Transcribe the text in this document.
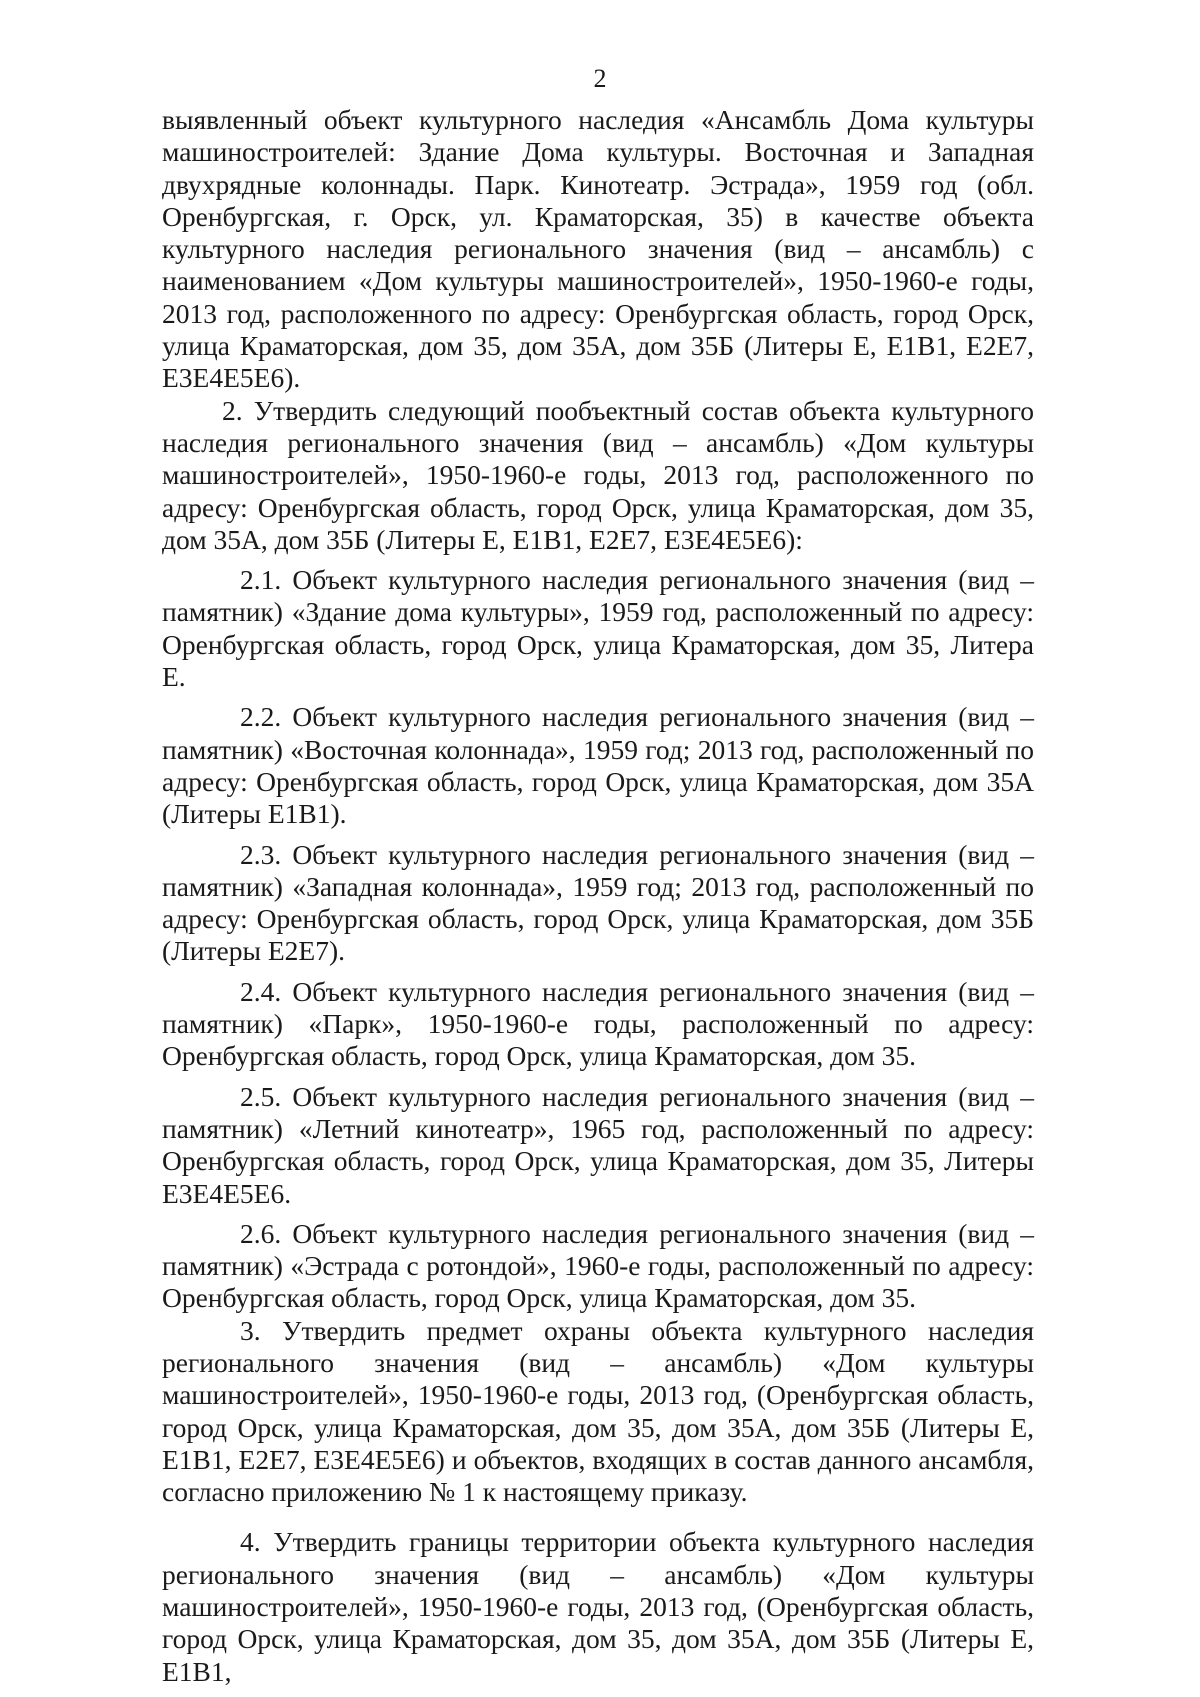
2

выявленный объект культурного наследия «Ансамбль Дома культуры машиностроителей: Здание Дома культуры. Восточная и Западная двухрядные колоннады. Парк. Кинотеатр. Эстрада», 1959 год (обл. Оренбургская, г. Орск, ул. Краматорская, 35) в качестве объекта культурного наследия регионального значения (вид – ансамбль) с наименованием «Дом культуры машиностроителей», 1950-1960-е годы, 2013 год, расположенного по адресу: Оренбургская область, город Орск, улица Краматорская, дом 35, дом 35А, дом 35Б (Литеры Е, Е1В1, Е2Е7, Е3Е4Е5Е6).

2. Утвердить следующий пообъектный состав объекта культурного наследия регионального значения (вид – ансамбль) «Дом культуры машиностроителей», 1950-1960-е годы, 2013 год, расположенного по адресу: Оренбургская область, город Орск, улица Краматорская, дом 35, дом 35А, дом 35Б (Литеры Е, Е1В1, Е2Е7, Е3Е4Е5Е6):

2.1. Объект культурного наследия регионального значения (вид – памятник) «Здание дома культуры», 1959 год, расположенный по адресу: Оренбургская область, город Орск, улица Краматорская, дом 35, Литера Е.

2.2. Объект культурного наследия регионального значения (вид – памятник) «Восточная колоннада», 1959 год; 2013 год, расположенный по адресу: Оренбургская область, город Орск, улица Краматорская, дом 35А (Литеры Е1В1).

2.3. Объект культурного наследия регионального значения (вид – памятник) «Западная колоннада», 1959 год; 2013 год, расположенный по адресу: Оренбургская область, город Орск, улица Краматорская, дом 35Б (Литеры Е2Е7).

2.4. Объект культурного наследия регионального значения (вид – памятник) «Парк», 1950-1960-е годы, расположенный по адресу: Оренбургская область, город Орск, улица Краматорская, дом 35.

2.5. Объект культурного наследия регионального значения (вид – памятник) «Летний кинотеатр», 1965 год, расположенный по адресу: Оренбургская область, город Орск, улица Краматорская, дом 35, Литеры Е3Е4Е5Е6.

2.6. Объект культурного наследия регионального значения (вид – памятник) «Эстрада с ротондой», 1960-е годы, расположенный по адресу: Оренбургская область, город Орск, улица Краматорская, дом 35.

3. Утвердить предмет охраны объекта культурного наследия регионального значения (вид – ансамбль) «Дом культуры машиностроителей», 1950-1960-е годы, 2013 год, (Оренбургская область, город Орск, улица Краматорская, дом 35, дом 35А, дом 35Б (Литеры Е, Е1В1, Е2Е7, Е3Е4Е5Е6) и объектов, входящих в состав данного ансамбля, согласно приложению № 1 к настоящему приказу.

4. Утвердить границы территории объекта культурного наследия регионального значения (вид – ансамбль) «Дом культуры машиностроителей», 1950-1960-е годы, 2013 год, (Оренбургская область, город Орск, улица Краматорская, дом 35, дом 35А, дом 35Б (Литеры Е, Е1В1,
